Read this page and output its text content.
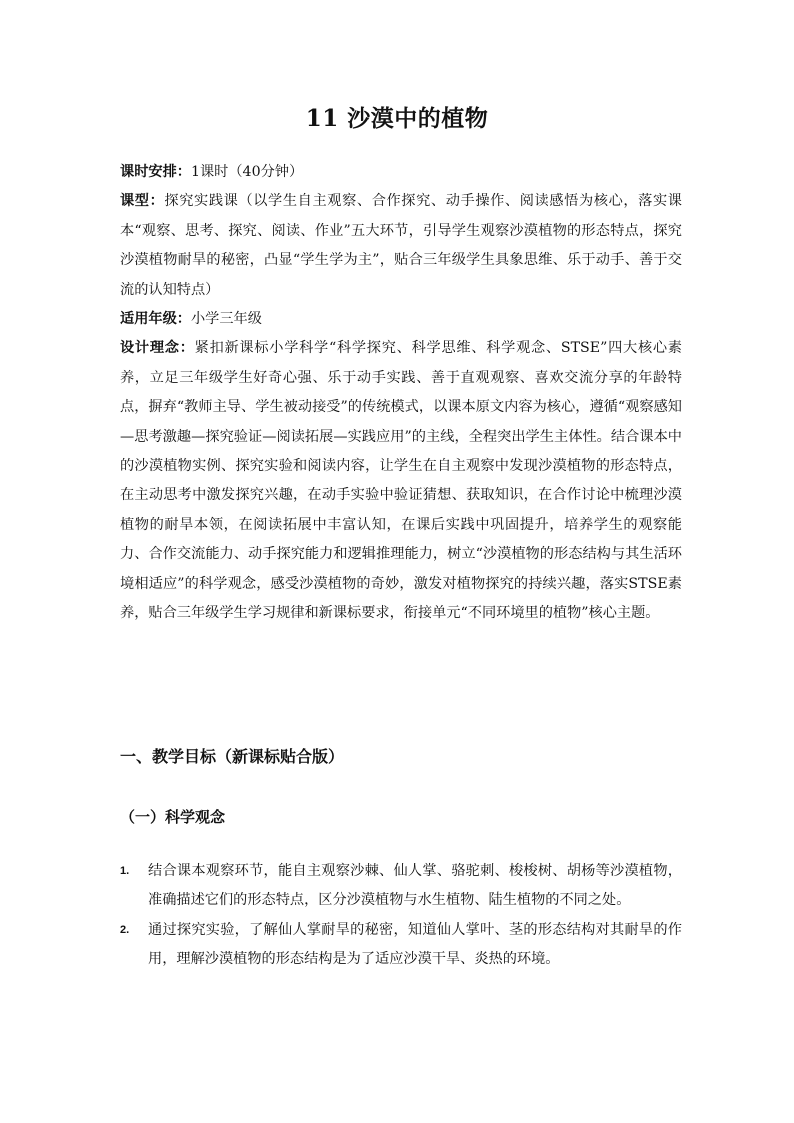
11 沙漠中的植物

课时安排：1课时（40分钟）

课型：探究实践课（以学生自主观察、合作探究、动手操作、阅读感悟为核心，落实课本“观察、思考、探究、阅读、作业”五大环节，引导学生观察沙漠植物的形态特点，探究沙漠植物耐旱的秘密，凸显“学生学为主”，贴合三年级学生具象思维、乐于动手、善于交流的认知特点）

适用年级：小学三年级

设计理念：紧扣新课标小学科学“科学探究、科学思维、科学观念、STSE”四大核心素养，立足三年级学生好奇心强、乐于动手实践、善于直观观察、喜欢交流分享的年龄特点，摒弃“教师主导、学生被动接受”的传统模式，以课本原文内容为核心，遵循“观察感知—思考激趣—探究验证—阅读拓展—实践应用”的主线，全程突出学生主体性。结合课本中的沙漠植物实例、探究实验和阅读内容，让学生在自主观察中发现沙漠植物的形态特点，在主动思考中激发探究兴趣，在动手实验中验证猜想、获取知识，在合作讨论中梳理沙漠植物的耐旱本领，在阅读拓展中丰富认知，在课后实践中巩固提升，培养学生的观察能力、合作交流能力、动手探究能力和逻辑推理能力，树立“沙漠植物的形态结构与其生活环境相适应”的科学观念，感受沙漠植物的奇妙，激发对植物探究的持续兴趣，落实STSE素养，贴合三年级学生学习规律和新课标要求，衔接单元“不同环境里的植物”核心主题。

一、教学目标（新课标贴合版）
（一）科学观念
1. 结合课本观察环节，能自主观察沙棘、仙人掌、骆驼刺、梭梭树、胡杨等沙漠植物，准确描述它们的形态特点，区分沙漠植物与水生植物、陆生植物的不同之处。
2. 通过探究实验，了解仙人掌耐旱的秘密，知道仙人掌叶、茎的形态结构对其耐旱的作用，理解沙漠植物的形态结构是为了适应沙漠干旱、炎热的环境。
